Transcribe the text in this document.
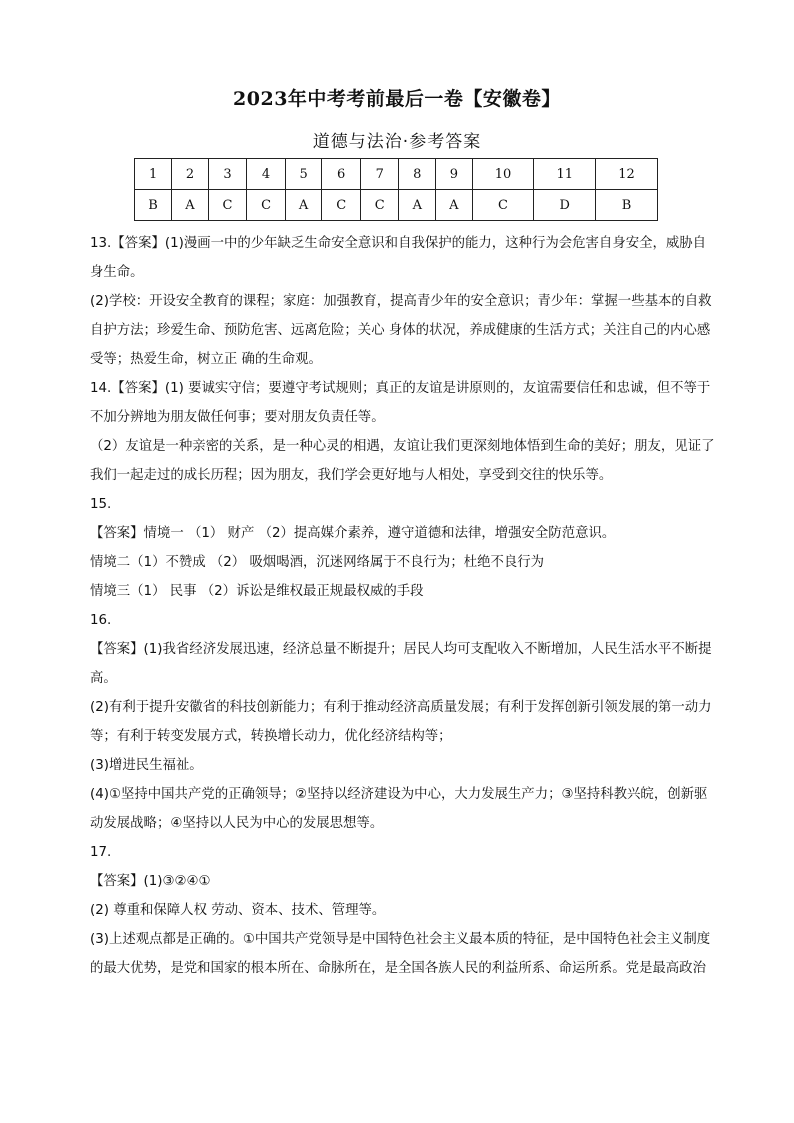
2023年中考考前最后一卷【安徽卷】
道德与法治·参考答案
1	2	3	4	5	6	7	8	9	10	11	12
B	A	C	C	A	C	C	A	A	C	D	B

13.【答案】(1)漫画一中的少年缺乏生命安全意识和自我保护的能力，这种行为会危害自身安全，威胁自

身生命。

(2)学校：开设安全教育的课程；家庭：加强教育，提高青少年的安全意识；青少年：掌握一些基本的自救

自护方法；珍爱生命、预防危害、远离危险；关心 身体的状况，养成健康的生活方式；关注自己的内心感

受等；热爱生命，树立正 确的生命观。

14.【答案】(1) 要诚实守信；要遵守考试规则；真正的友谊是讲原则的，友谊需要信任和忠诚，但不等于

不加分辨地为朋友做任何事；要对朋友负责任等。

（2）友谊是一种亲密的关系，是一种心灵的相遇，友谊让我们更深刻地体悟到生命的美好；朋友，见证了

我们一起走过的成长历程；因为朋友，我们学会更好地与人相处，享受到交往的快乐等。

15.

【答案】情境一 （1） 财产 （2）提高媒介素养，遵守道德和法律，增强安全防范意识。

情境二（1）不赞成 （2） 吸烟喝酒，沉迷网络属于不良行为；杜绝不良行为

情境三（1） 民事 （2）诉讼是维权最正规最权威的手段

16.

【答案】(1)我省经济发展迅速，经济总量不断提升；居民人均可支配收入不断增加，人民生活水平不断提

高。

(2)有利于提升安徽省的科技创新能力；有利于推动经济高质量发展；有利于发挥创新引领发展的第一动力

等；有利于转变发展方式，转换增长动力，优化经济结构等；

(3)增进民生福祉。

(4)①坚持中国共产党的正确领导；②坚持以经济建设为中心，大力发展生产力；③坚持科教兴皖，创新驱

动发展战略；④坚持以人民为中心的发展思想等。

17.

【答案】(1)③②④①

(2) 尊重和保障人权 劳动、资本、技术、管理等。

(3)上述观点都是正确的。①中国共产党领导是中国特色社会主义最本质的特征，是中国特色社会主义制度

的最大优势，是党和国家的根本所在、命脉所在，是全国各族人民的利益所系、命运所系。党是最高政治
